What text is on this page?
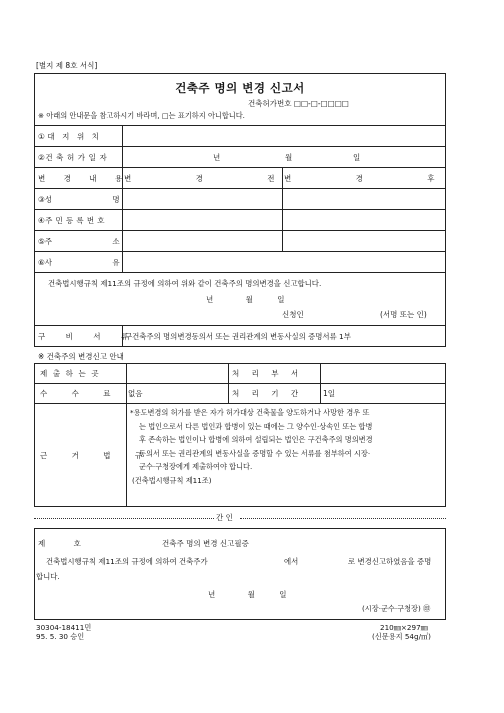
[별지 제 8호 서식]
건축주 명의 변경 신고서
건축허가번호 □□-□-□□□□
※ 아래의 안내문을 참고하시기 바라며, □는 표기하지 아니합니다.
①대 지 위 치
②건 축 허 가 일 자	년	월	일
변 경 내 용
변 경 전	변 경 후
③성 명
④주 민 등 록 번 호
⑤주 소
⑥사 유
건축법시행규칙 제11조의 규정에 의하여 위와 같이 건축주의 명의변경을 신고합니다.
년	월	일
신청인	(서명 또는 인)
구 비 서 류
구건축주의 명의변경동의서 또는 권리관계의 변동사실의 증명서류 1부
※ 건축주의 변경신고 안내
제 출 하 는 곳	처 리 부 서
수 수 료 없음	처 리 기 간	1일
근 거 법 규
*용도변경의 허가를 받은 자가 허가대상 건축물을 양도하거나 사망한 경우 또
는 법인으로서 다른 법인과 합병이 있는 때에는 그 양수인·상속인 또는 합병
후 존속하는 법인이나 합병에 의하여 설립되는 법인은 구건축주의 명의변경
동의서 또는 권리관계의 변동사실을 증명할 수 있는 서류를 첨부하여 시장·
군수·구청장에게 제출하여야 합니다.
(건축법시행규칙 제11조)
간 인
제	호	건축주 명의 변경 신고필증
건축법시행규칙 제11조의 규정에 의하여 건축주가	에서	로 변경신고하였음을 증명
합니다.
년	월	일
(시장·군수·구청장) ㊞
30304-18411민
95. 5. 30 승인
210㎜×297㎜
(신문용지 54g/㎡)
